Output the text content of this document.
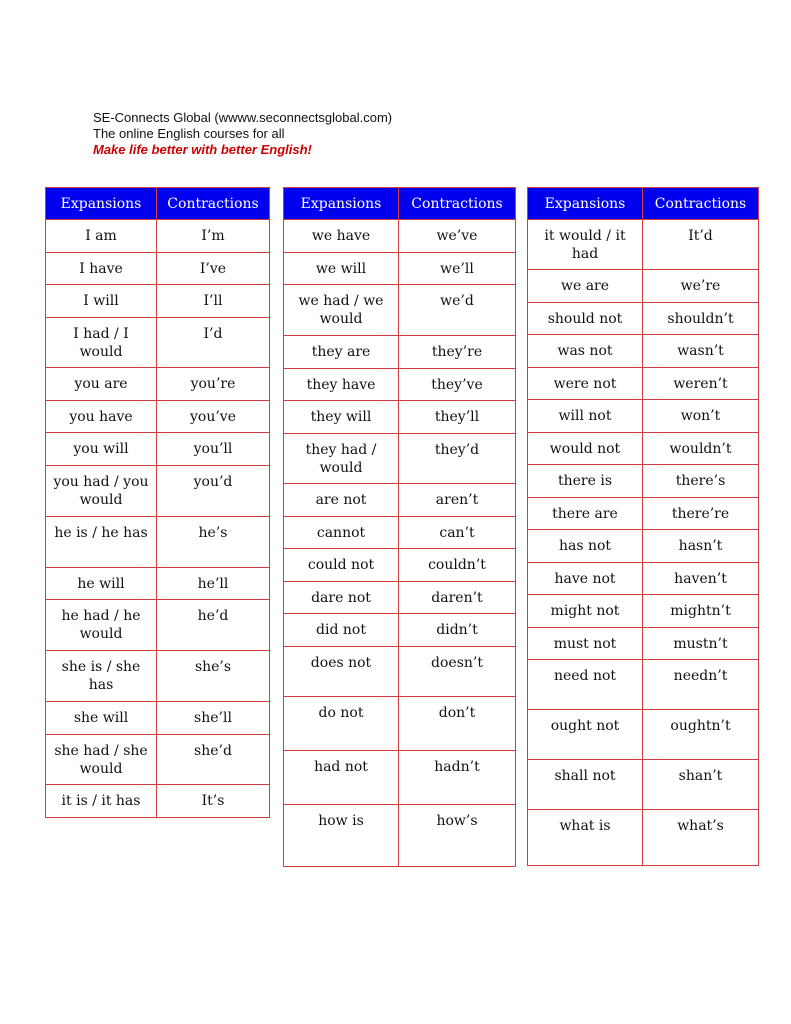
SE-Connects Global (wwww.seconnectsglobal.com)
The online English courses for all
Make life better with better English!
Expansions	Contractions
I am	I’m
I have	I’ve
I will	I’ll
I had / I would	I’d
you are	you’re
you have	you’ve
you will	you’ll
you had / you would	you’d
he is / he has	he’s
he will	he’ll
he had / he would	he’d
she is / she has	she’s
she will	she’ll
she had / she would	she’d
it is / it has	It’s
Expansions	Contractions
we have	we’ve
we will	we’ll
we had / we would	we’d
they are	they’re
they have	they’ve
they will	they’ll
they had / would	they’d
are not	aren’t
cannot	can’t
could not	couldn’t
dare not	daren’t
did not	didn’t
does not	doesn’t
do not	don’t
had not	hadn’t
how is	how’s
Expansions	Contractions
it would / it had	It’d
we are	we’re
should not	shouldn’t
was not	wasn’t
were not	weren’t
will not	won’t
would not	wouldn’t
there is	there’s
there are	there’re
has not	hasn’t
have not	haven’t
might not	mightn’t
must not	mustn’t
need not	needn’t
ought not	oughtn’t
shall not	shan’t
what is	what’s
